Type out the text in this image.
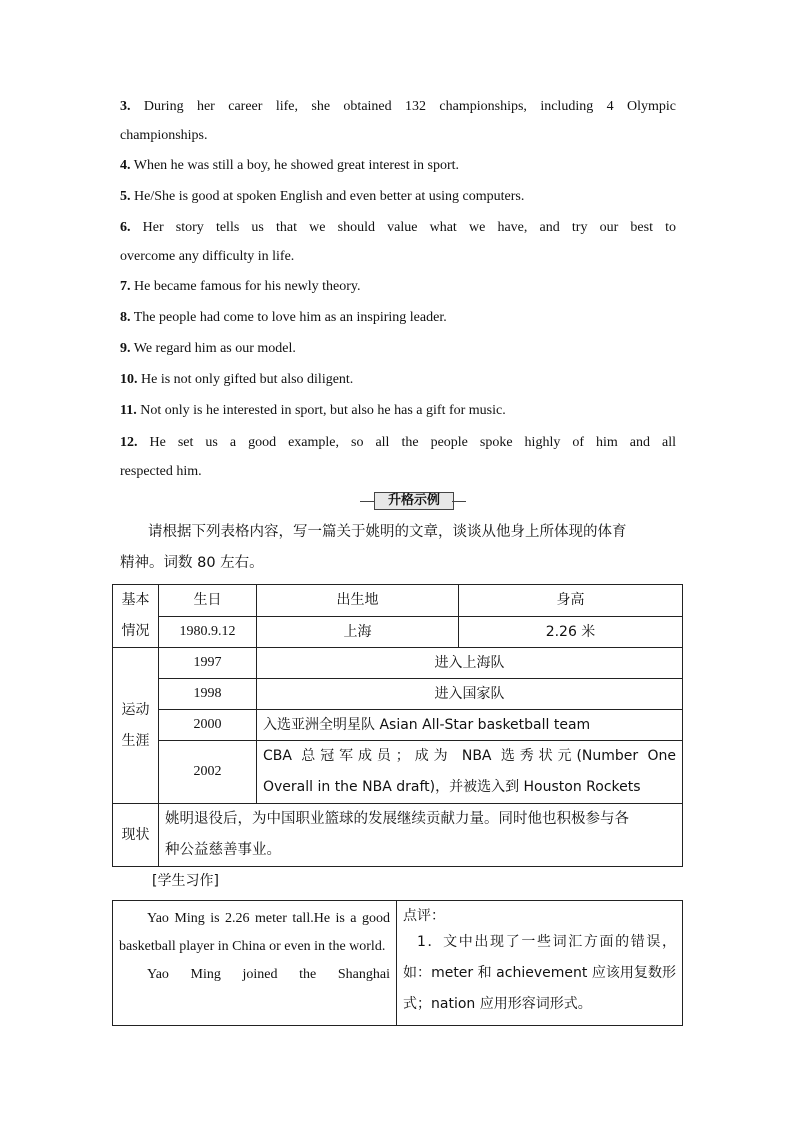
3. During her career life, she obtained 132 championships, including 4 Olympic
championships.
4. When he was still a boy, he showed great interest in sport.
5. He/She is good at spoken English and even better at using computers.
6. Her story tells us that we should value what we have, and try our best to
overcome any difficulty in life.
7. He became famous for his newly theory.
8. The people had come to love him as an inspiring leader.
9. We regard him as our model.
10. He is not only gifted but also diligent.
11. Not only is he interested in sport, but also he has a gift for music.
12. He set us a good example, so all the people spoke highly of him and all
respected him.
升格示例
请根据下列表格内容，写一篇关于姚明的文章，谈谈从他身上所体现的体育
精神。词数 80 左右。
基本
情况	生日	出生地	身高
	1980.9.12	上海	2.26 米

运动
生涯	1997	进入上海队	
	1998	进入国家队	
	2000	入选亚洲全明星队 Asian All-Star basketball team	
	2002	CBA 总冠军成员；成为 NBA 选秀状元(Number One
Overall in the NBA draft)，并被选入到 Houston Rockets	

现状	姚明退役后，为中国职业篮球的发展继续贡献力量。同时他也积极参与各
种公益慈善事业。		
[学生习作]
Yao Ming is 2.26 meter tall.He is a good basketball player in China or even in the world.
Yao Ming joined the Shanghai

点评：
1．文中出现了一些词汇方面的错误，如：meter 和 achievement 应该用复数形式；nation 应用形容词形式。
